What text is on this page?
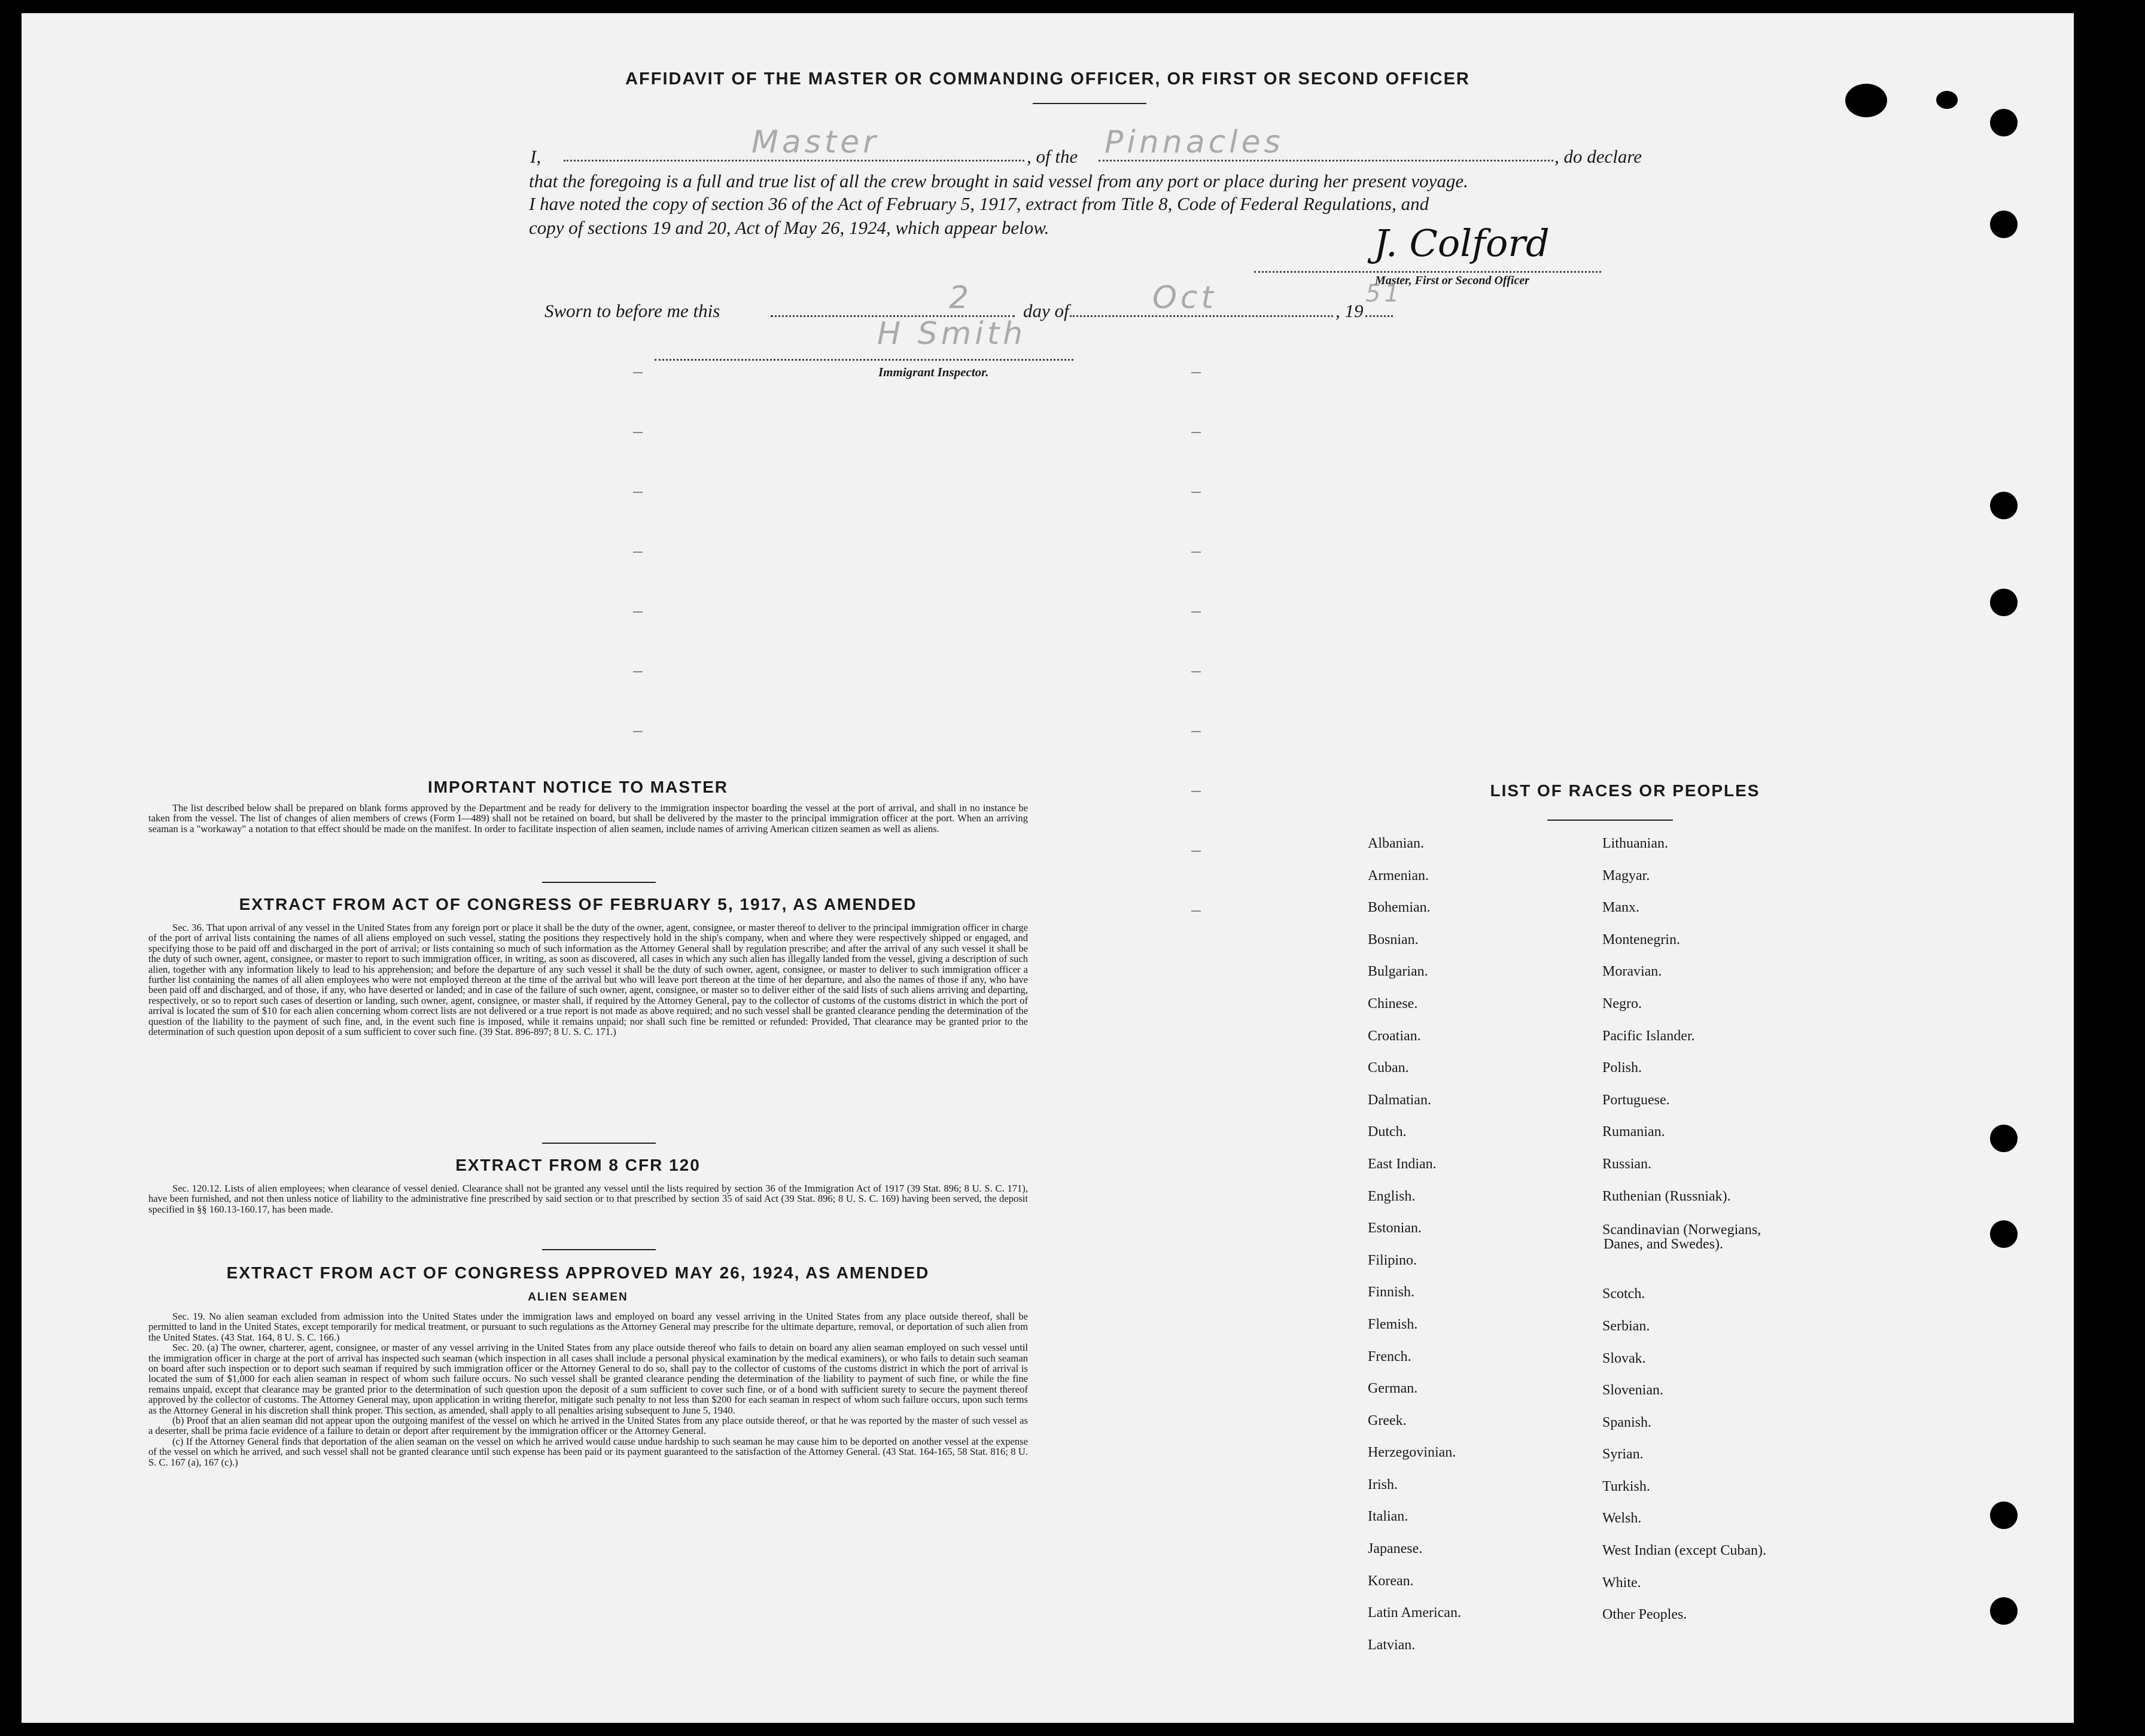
AFFIDAVIT OF THE MASTER OR COMMANDING OFFICER, OR FIRST OR SECOND OFFICER
I,	Master	, of the Pinnacles	, do declare
that the foregoing is a full and true list of all the crew brought in said vessel from any port or place during her present voyage.
I have noted the copy of section 36 of the Act of February 5, 1917, extract from Title 8, Code of Federal Regulations, and
copy of sections 19 and 20, Act of May 26, 1924, which appear below.	J. Colford
Master, First or Second Officer
Sworn to before me this	2	day of	Oct	, 19
51
H Smith
Immigrant Inspector.
IMPORTANT NOTICE TO MASTER

The list described below shall be prepared on blank forms approved by the Department and be ready for delivery to the immigration inspector boarding the vessel at the port of arrival, and shall in no instance be taken from the vessel. The list of changes of alien members of crews (Form I—489) shall not be retained on board, but shall be delivered by the master to the principal immigration officer at the port. When an arriving seaman is a "workaway" a notation to that effect should be made on the manifest. In order to facilitate inspection of alien seamen, include names of arriving American citizen seamen as well as aliens.

EXTRACT FROM ACT OF CONGRESS OF FEBRUARY 5, 1917, AS AMENDED

Sec. 36. That upon arrival of any vessel in the United States from any foreign port or place it shall be the duty of the owner, agent, consignee, or master thereof to deliver to the principal immigration officer in charge of the port of arrival lists containing the names of all aliens employed on such vessel, stating the positions they respectively hold in the ship's company, when and where they were respectively shipped or engaged, and specifying those to be paid off and discharged in the port of arrival; or lists containing so much of such information as the Attorney General shall by regulation prescribe; and after the arrival of any such vessel it shall be the duty of such owner, agent, consignee, or master to report to such immigration officer, in writing, as soon as discovered, all cases in which any such alien has illegally landed from the vessel, giving a description of such alien, together with any information likely to lead to his apprehension; and before the departure of any such vessel it shall be the duty of such owner, agent, consignee, or master to deliver to such immigration officer a further list containing the names of all alien employees who were not employed thereon at the time of the arrival but who will leave port thereon at the time of her departure, and also the names of those if any, who have been paid off and discharged, and of those, if any, who have deserted or landed; and in case of the failure of such owner, agent, consignee, or master so to deliver either of the said lists of such aliens arriving and departing, respectively, or so to report such cases of desertion or landing, such owner, agent, consignee, or master shall, if required by the Attorney General, pay to the collector of customs of the customs district in which the port of arrival is located the sum of $10 for each alien concerning whom correct lists are not delivered or a true report is not made as above required; and no such vessel shall be granted clearance pending the determination of the question of the liability to the payment of such fine, and, in the event such fine is imposed, while it remains unpaid; nor shall such fine be remitted or refunded: Provided, That clearance may be granted prior to the determination of such question upon deposit of a sum sufficient to cover such fine. (39 Stat. 896-897; 8 U. S. C. 171.)

EXTRACT FROM 8 CFR 120

Sec. 120.12. Lists of alien employees; when clearance of vessel denied. Clearance shall not be granted any vessel until the lists required by section 36 of the Immigration Act of 1917 (39 Stat. 896; 8 U. S. C. 171), have been furnished, and not then unless notice of liability to the administrative fine prescribed by said section or to that prescribed by section 35 of said Act (39 Stat. 896; 8 U. S. C. 169) having been served, the deposit specified in §§ 160.13-160.17, has been made.

EXTRACT FROM ACT OF CONGRESS APPROVED MAY 26, 1924, AS AMENDED
ALIEN SEAMEN

Sec. 19. No alien seaman excluded from admission into the United States under the immigration laws and employed on board any vessel arriving in the United States from any place outside thereof, shall be permitted to land in the United States, except temporarily for medical treatment, or pursuant to such regulations as the Attorney General may prescribe for the ultimate departure, removal, or deportation of such alien from the United States. (43 Stat. 164, 8 U. S. C. 166.)

Sec. 20. (a) The owner, charterer, agent, consignee, or master of any vessel arriving in the United States from any place outside thereof who fails to detain on board any alien seaman employed on such vessel until the immigration officer in charge at the port of arrival has inspected such seaman (which inspection in all cases shall include a personal physical examination by the medical examiners), or who fails to detain such seaman on board after such inspection or to deport such seaman if required by such immigration officer or the Attorney General to do so, shall pay to the collector of customs of the customs district in which the port of arrival is located the sum of $1,000 for each alien seaman in respect of whom such failure occurs. No such vessel shall be granted clearance pending the determination of the liability to payment of such fine, or while the fine remains unpaid, except that clearance may be granted prior to the determination of such question upon the deposit of a sum sufficient to cover such fine, or of a bond with sufficient surety to secure the payment thereof approved by the collector of customs. The Attorney General may, upon application in writing therefor, mitigate such penalty to not less than $200 for each seaman in respect of whom such failure occurs, upon such terms as the Attorney General in his discretion shall think proper. This section, as amended, shall apply to all penalties arising subsequent to June 5, 1940.

(b) Proof that an alien seaman did not appear upon the outgoing manifest of the vessel on which he arrived in the United States from any place outside thereof, or that he was reported by the master of such vessel as a deserter, shall be prima facie evidence of a failure to detain or deport after requirement by the immigration officer or the Attorney General.

(c) If the Attorney General finds that deportation of the alien seaman on the vessel on which he arrived would cause undue hardship to such seaman he may cause him to be deported on another vessel at the expense of the vessel on which he arrived, and such vessel shall not be granted clearance until such expense has been paid or its payment guaranteed to the satisfaction of the Attorney General. (43 Stat. 164-165, 58 Stat. 816; 8 U. S. C. 167 (a), 167 (c).)

LIST OF RACES OR PEOPLES
Albanian.
Armenian.
Bohemian.
Bosnian.
Bulgarian.
Chinese.
Croatian.
Cuban.
Dalmatian.
Dutch.
East Indian.
English.
Estonian.
Filipino.
Finnish.
Flemish.
French.
German.
Greek.
Herzegovinian.
Irish.
Italian.
Japanese.
Korean.
Latin American.
Latvian.
Lithuanian.
Magyar.
Manx.
Montenegrin.
Moravian.
Negro.
Pacific Islander.
Polish.
Portuguese.
Rumanian.
Russian.
Ruthenian (Russniak).
Scandinavian (Norwegians,
Danes, and Swedes).
Scotch.
Serbian.
Slovak.
Slovenian.
Spanish.
Syrian.
Turkish.
Welsh.
West Indian (except Cuban).
White.
Other Peoples.
